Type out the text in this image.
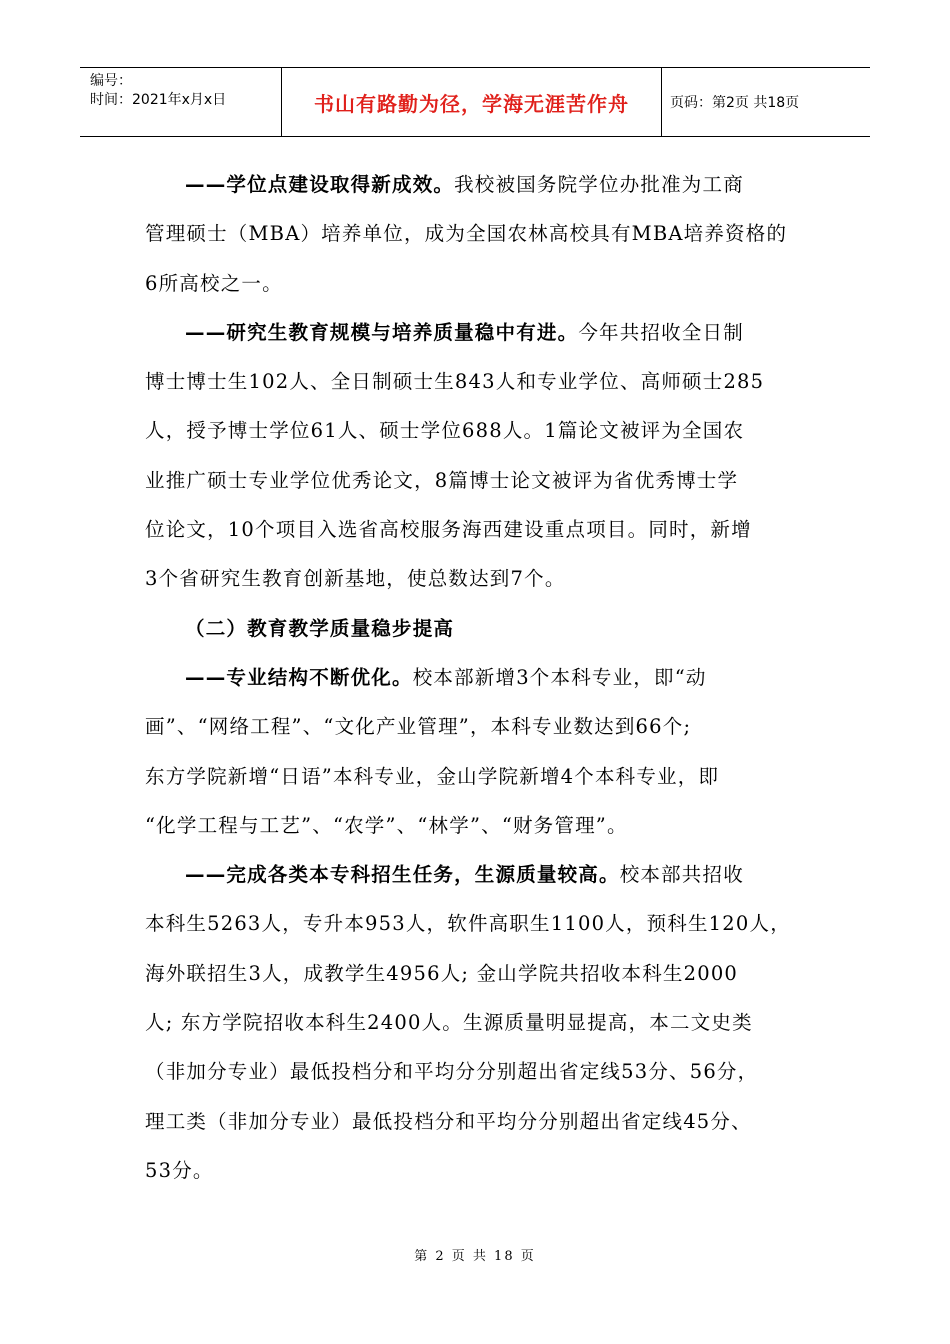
编号：
时间：2021年x月x日	书山有路勤为径，学海无涯苦作舟	页码：第2页 共18页
——学位点建设取得新成效。我校被国务院学位办批准为工商
管理硕士（MBA）培养单位，成为全国农林高校具有MBA培养资格的
6所高校之一。
——研究生教育规模与培养质量稳中有进。今年共招收全日制
博士博士生102人、全日制硕士生843人和专业学位、高师硕士285
人，授予博士学位61人、硕士学位688人。1篇论文被评为全国农
业推广硕士专业学位优秀论文，8篇博士论文被评为省优秀博士学
位论文，10个项目入选省高校服务海西建设重点项目。同时，新增
3个省研究生教育创新基地，使总数达到7个。
（二）教育教学质量稳步提高
——专业结构不断优化。校本部新增3个本科专业，即“动
画”、“网络工程”、“文化产业管理”，本科专业数达到66个;
东方学院新增“日语”本科专业，金山学院新增4个本科专业，即
“化学工程与工艺”、“农学”、“林学”、“财务管理”。
——完成各类本专科招生任务，生源质量较高。校本部共招收
本科生5263人，专升本953人，软件高职生1100人，预科生120人，
海外联招生3人，成教学生4956人; 金山学院共招收本科生2000
人; 东方学院招收本科生2400人。生源质量明显提高，本二文史类
（非加分专业）最低投档分和平均分分别超出省定线53分、56分，
理工类（非加分专业）最低投档分和平均分分别超出省定线45分、
53分。
第 2 页 共 18 页
